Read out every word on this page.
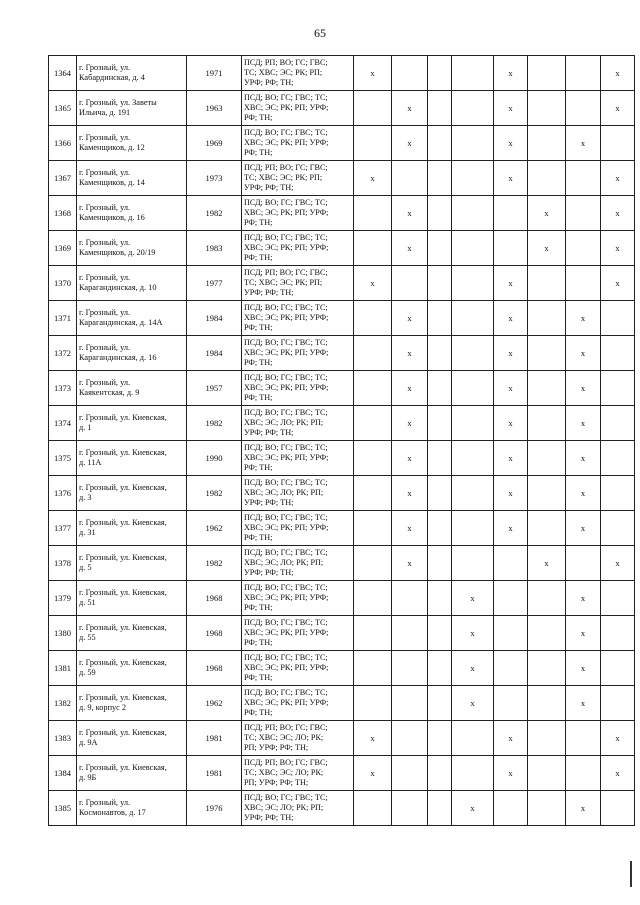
65
1364	г. Грозный, ул.
Кабардинская, д. 4	1971	ПСД; РП; ВО; ГС; ГВС;
ТС; ХВС; ЭС; РК; РП;
УРФ; РФ; ТН;	х				х			х
1365	г. Грозный, ул. Заветы
Ильича, д. 191	1963	ПСД; ВО; ГС; ГВС; ТС;
ХВС; ЭС; РК; РП; УРФ;
РФ; ТН;		х			х			х
1366	г. Грозный, ул.
Каменщиков, д. 12	1969	ПСД; ВО; ГС; ГВС; ТС;
ХВС; ЭС; РК; РП; УРФ;
РФ; ТН;		х			х		х	
1367	г. Грозный, ул.
Каменщиков, д. 14	1973	ПСД; РП; ВО; ГС; ГВС;
ТС; ХВС; ЭС; РК; РП;
УРФ; РФ; ТН;	х				х			х
1368	г. Грозный, ул.
Каменщиков, д. 16	1982	ПСД; ВО; ГС; ГВС; ТС;
ХВС; ЭС; РК; РП; УРФ;
РФ; ТН;		х				х		х
1369	г. Грозный, ул.
Каменщиков, д. 20/19	1983	ПСД; ВО; ГС; ГВС; ТС;
ХВС; ЭС; РК; РП; УРФ;
РФ; ТН;		х				х		х
1370	г. Грозный, ул.
Карагандинская, д. 10	1977	ПСД; РП; ВО; ГС; ГВС;
ТС; ХВС; ЭС; РК; РП;
УРФ; РФ; ТН;	х				х			х
1371	г. Грозный, ул.
Карагандинская, д. 14А	1984	ПСД; ВО; ГС; ГВС; ТС;
ХВС; ЭС; РК; РП; УРФ;
РФ; ТН;		х			х		х	
1372	г. Грозный, ул.
Карагандинская, д. 16	1984	ПСД; ВО; ГС; ГВС; ТС;
ХВС; ЭС; РК; РП; УРФ;
РФ; ТН;		х			х		х	
1373	г. Грозный, ул.
Каякентская, д. 9	1957	ПСД; ВО; ГС; ГВС; ТС;
ХВС; ЭС; РК; РП; УРФ;
РФ; ТН;		х			х		х	
1374	г. Грозный, ул. Киевская,
д. 1	1982	ПСД; ВО; ГС; ГВС; ТС;
ХВС; ЭС; ЛО; РК; РП;
УРФ; РФ; ТН;		х			х		х	
1375	г. Грозный, ул. Киевская,
д. 11А	1990	ПСД; ВО; ГС; ГВС; ТС;
ХВС; ЭС; РК; РП; УРФ;
РФ; ТН;		х			х		х	
1376	г. Грозный, ул. Киевская,
д. 3	1982	ПСД; ВО; ГС; ГВС; ТС;
ХВС; ЭС; ЛО; РК; РП;
УРФ; РФ; ТН;		х			х		х	
1377	г. Грозный, ул. Киевская,
д. 31	1962	ПСД; ВО; ГС; ГВС; ТС;
ХВС; ЭС; РК; РП; УРФ;
РФ; ТН;		х			х		х	
1378	г. Грозный, ул. Киевская,
д. 5	1982	ПСД; ВО; ГС; ГВС; ТС;
ХВС; ЭС; ЛО; РК; РП;
УРФ; РФ; ТН;		х				х		х
1379	г. Грозный, ул. Киевская,
д. 51	1968	ПСД; ВО; ГС; ГВС; ТС;
ХВС; ЭС; РК; РП; УРФ;
РФ; ТН;				х			х	
1380	г. Грозный, ул. Киевская,
д. 55	1968	ПСД; ВО; ГС; ГВС; ТС;
ХВС; ЭС; РК; РП; УРФ;
РФ; ТН;				х			х	
1381	г. Грозный, ул. Киевская,
д. 59	1968	ПСД; ВО; ГС; ГВС; ТС;
ХВС; ЭС; РК; РП; УРФ;
РФ; ТН;				х			х	
1382	г. Грозный, ул. Киевская,
д. 9, корпус 2	1962	ПСД; ВО; ГС; ГВС; ТС;
ХВС; ЭС; РК; РП; УРФ;
РФ; ТН;				х			х	
1383	г. Грозный, ул. Киевская,
д. 9А	1981	ПСД; РП; ВО; ГС; ГВС;
ТС; ХВС; ЭС; ЛО; РК;
РП; УРФ; РФ; ТН;	х				х			х
1384	г. Грозный, ул. Киевская,
д. 9Б	1981	ПСД; РП; ВО; ГС; ГВС;
ТС; ХВС; ЭС; ЛО; РК;
РП; УРФ; РФ; ТН;	х				х			х
1385	г. Грозный, ул.
Космонавтов, д. 17	1976	ПСД; ВО; ГС; ГВС; ТС;
ХВС; ЭС; ЛО; РК; РП;
УРФ; РФ; ТН;				х			х	
